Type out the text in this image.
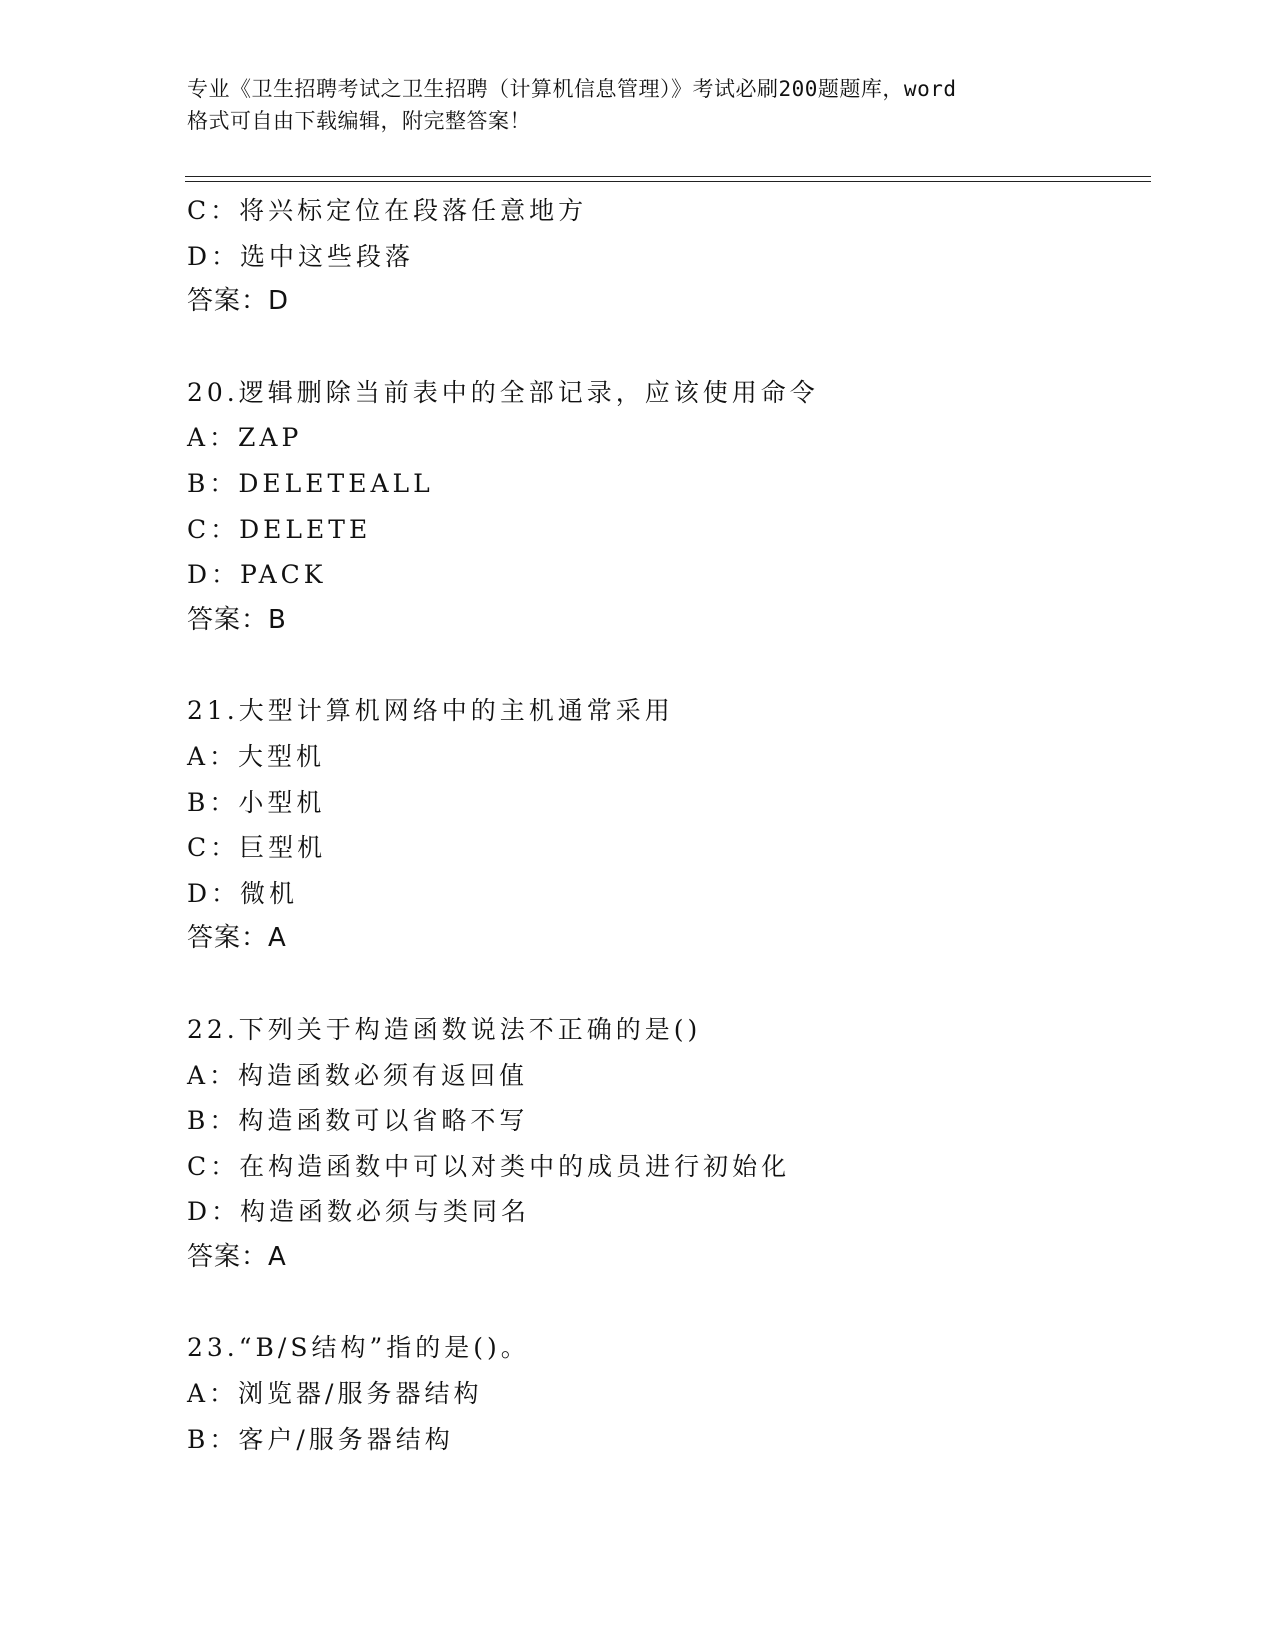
专业《卫生招聘考试之卫生招聘（计算机信息管理）》考试必刷200题题库，word
格式可自由下载编辑，附完整答案！
C：将兴标定位在段落任意地方
D：选中这些段落
答案：D
20.逻辑删除当前表中的全部记录，应该使用命令
A：ZAP
B：DELETEALL
C：DELETE
D：PACK
答案：B
21.大型计算机网络中的主机通常采用
A：大型机
B：小型机
C：巨型机
D：微机
答案：A
22.下列关于构造函数说法不正确的是()
A：构造函数必须有返回值
B：构造函数可以省略不写
C：在构造函数中可以对类中的成员进行初始化
D：构造函数必须与类同名
答案：A
23.“B/S结构”指的是()。
A：浏览器/服务器结构
B：客户/服务器结构
